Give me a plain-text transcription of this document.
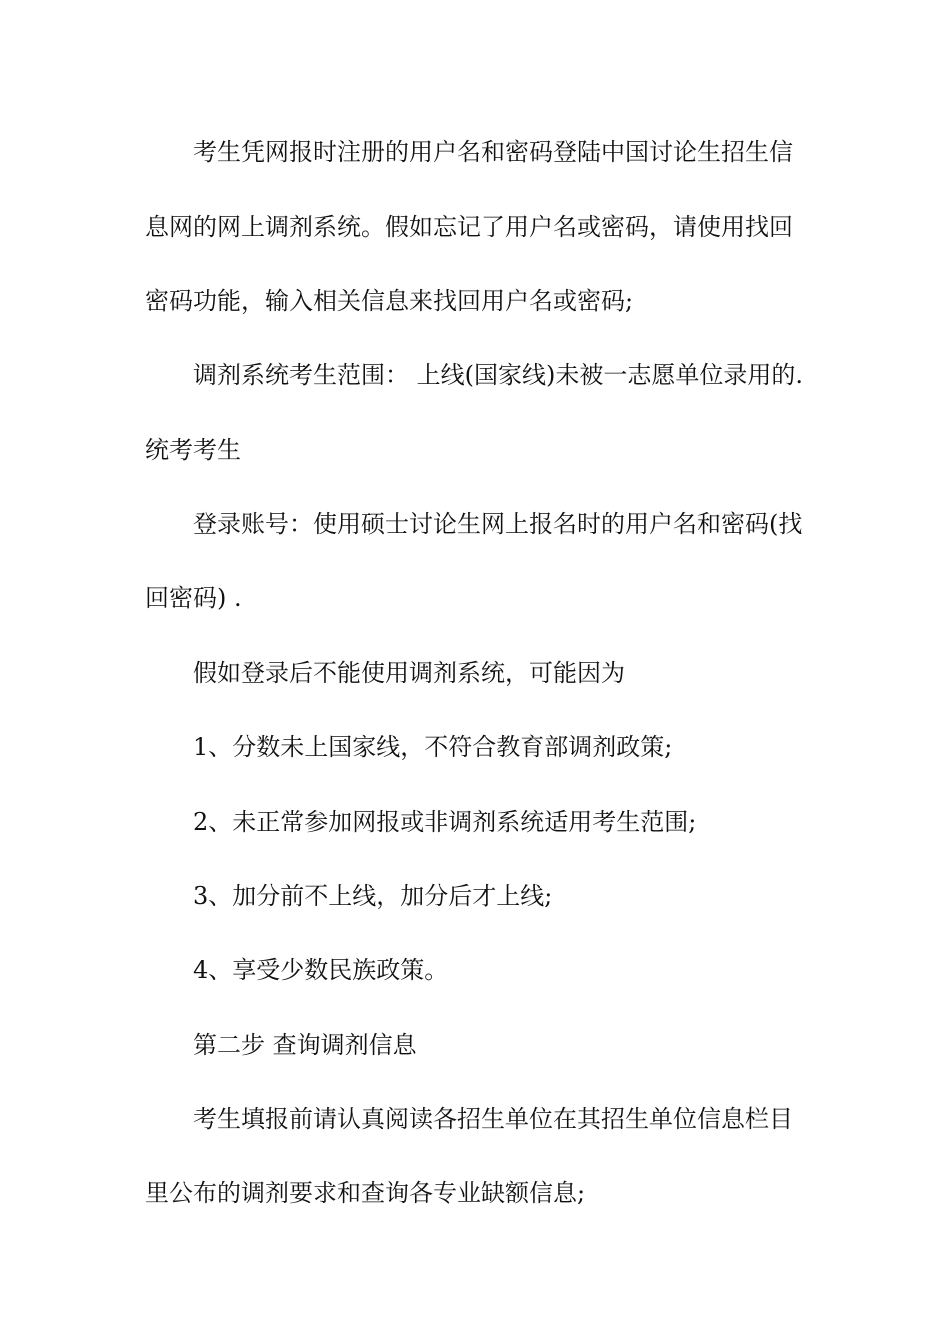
考生凭网报时注册的用户名和密码登陆中国讨论生招生信

息网的网上调剂系统。假如忘记了用户名或密码，请使用找回

密码功能，输入相关信息来找回用户名或密码;

调剂系统考生范围： 上线(国家线)未被一志愿单位录用的.

统考考生

登录账号：使用硕士讨论生网上报名时的用户名和密码(找

回密码) .

假如登录后不能使用调剂系统，可能因为

1、分数未上国家线，不符合教育部调剂政策;

2、未正常参加网报或非调剂系统适用考生范围;

3、加分前不上线，加分后才上线;

4、享受少数民族政策。

第二步 查询调剂信息

考生填报前请认真阅读各招生单位在其招生单位信息栏目

里公布的调剂要求和查询各专业缺额信息;
